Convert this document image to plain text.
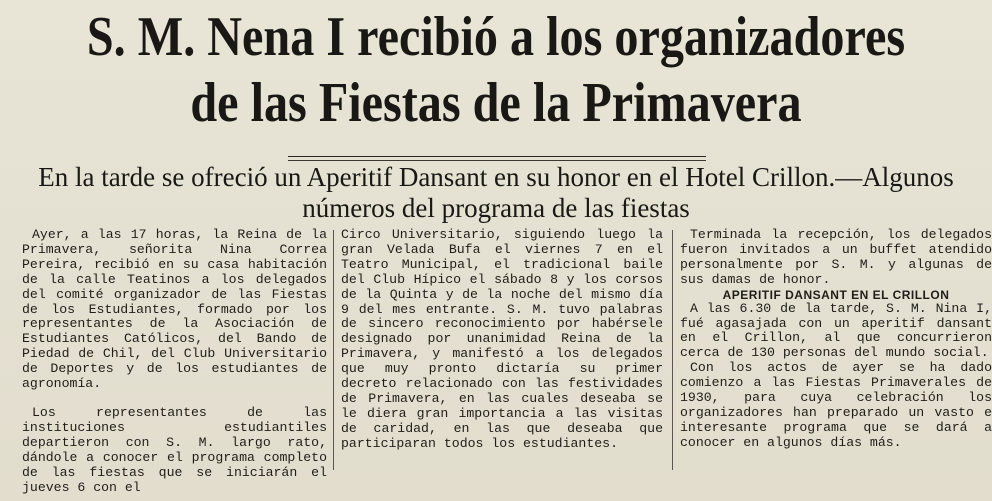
S. M. Nena I recibió a los organizadores de las Fiestas de la Primavera
En la tarde se ofreció un Aperitif Dansant en su honor en el Hotel Crillon.—Algunos números del programa de las fiestas

Ayer, a las 17 horas, la Reina de la Primavera, señorita Nina Correa Pereira, recibió en su casa habitación de la calle Teatinos a los delegados del comité organizador de las Fiestas de los Estudiantes, formado por los representantes de la Asociación de Estudiantes Católicos, del Bando de Piedad de Chil, del Club Universitario de Deportes y de los estudiantes de agronomía.

Los representantes de las instituciones estudiantiles departieron con S. M. largo rato, dándole a conocer el programa completo de las fiestas que se iniciarán el jueves 6 con el

Circo Universitario, siguiendo luego la gran Velada Bufa el viernes 7 en el Teatro Municipal, el tradicional baile del Club Hípico el sábado 8 y los corsos de la Quinta y de la noche del mismo día 9 del mes entrante. S. M. tuvo palabras de sincero reconocimiento por habérsele designado por unanimidad Reina de la Primavera, y manifestó a los delegados que muy pronto dictaría su primer decreto relacionado con las festividades de Primavera, en las cuales deseaba se le diera gran importancia a las visitas de caridad, en las que deseaba que participaran todos los estudiantes.

Terminada la recepción, los delegados fueron invitados a un buffet atendido personalmente por S. M. y algunas de sus damas de honor.

APERITIF DANSANT EN EL CRILLON

A las 6.30 de la tarde, S. M. Nina I, fué agasajada con un aperitif dansant en el Crillon, al que concurrieron cerca de 130 personas del mundo social.

Con los actos de ayer se ha dado comienzo a las Fiestas Primaverales de 1930, para cuya celebración los organizadores han preparado un vasto e interesante programa que se dará a conocer en algunos días más.
